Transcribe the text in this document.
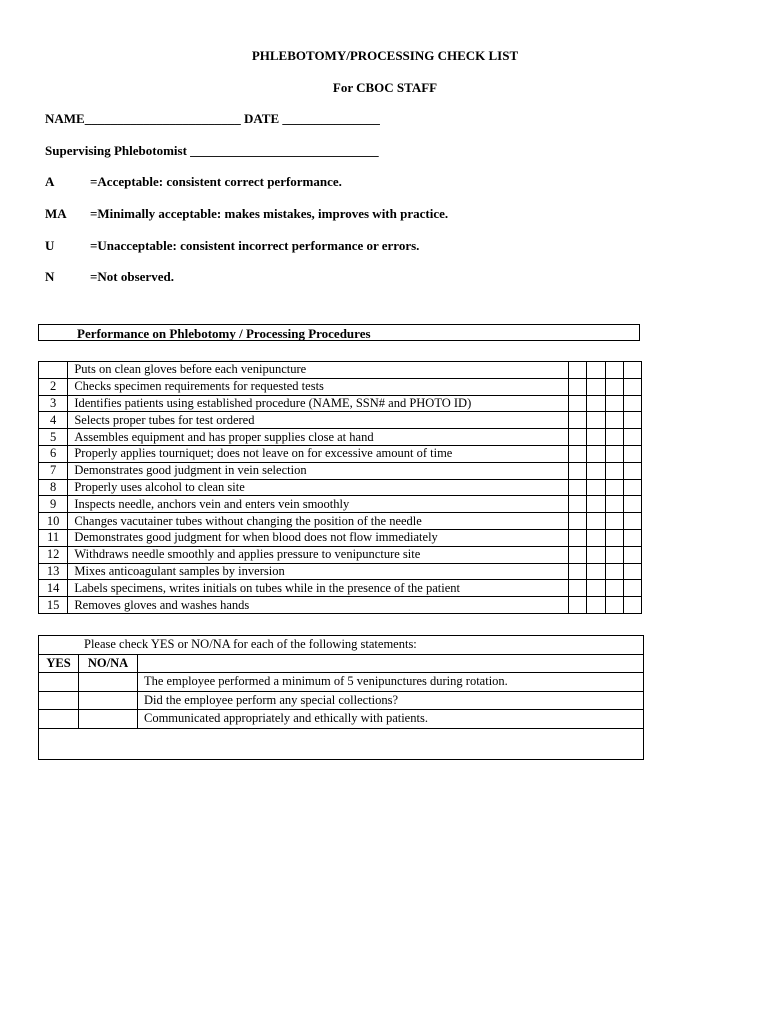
PHLEBOTOMY/PROCESSING CHECK LIST
For CBOC STAFF
NAME________________________ DATE _______________
Supervising Phlebotomist _____________________________
A	=Acceptable: consistent correct performance.
MA =Minimally acceptable: makes mistakes, improves with practice.
U	=Unacceptable: consistent incorrect performance or errors.
N	=Not observed.
Performance on Phlebotomy / Processing Procedures
	Puts on clean gloves before each venipuncture				
2	Checks specimen requirements for requested tests				
3	Identifies patients using established procedure (NAME, SSN# and PHOTO ID)				
4	Selects proper tubes for test ordered				
5	Assembles equipment and has proper supplies close at hand				
6	Properly applies tourniquet; does not leave on for excessive amount of time				
7	Demonstrates good judgment in vein selection				
8	Properly uses alcohol to clean site				
9	Inspects needle, anchors vein and enters vein smoothly				
10	Changes vacutainer tubes without changing the position of the needle				
11	Demonstrates good judgment for when blood does not flow immediately				
12	Withdraws needle smoothly and applies pressure to venipuncture site				
13	Mixes anticoagulant samples by inversion				
14	Labels specimens, writes initials on tubes while in the presence of the patient				
15	Removes gloves and washes hands				
Please check YES or NO/NA for each of the following statements:		
YES	NO/NA	
		The employee performed a minimum of 5 venipunctures during rotation.
		Did the employee perform any special collections?
		Communicated appropriately and ethically with patients.
